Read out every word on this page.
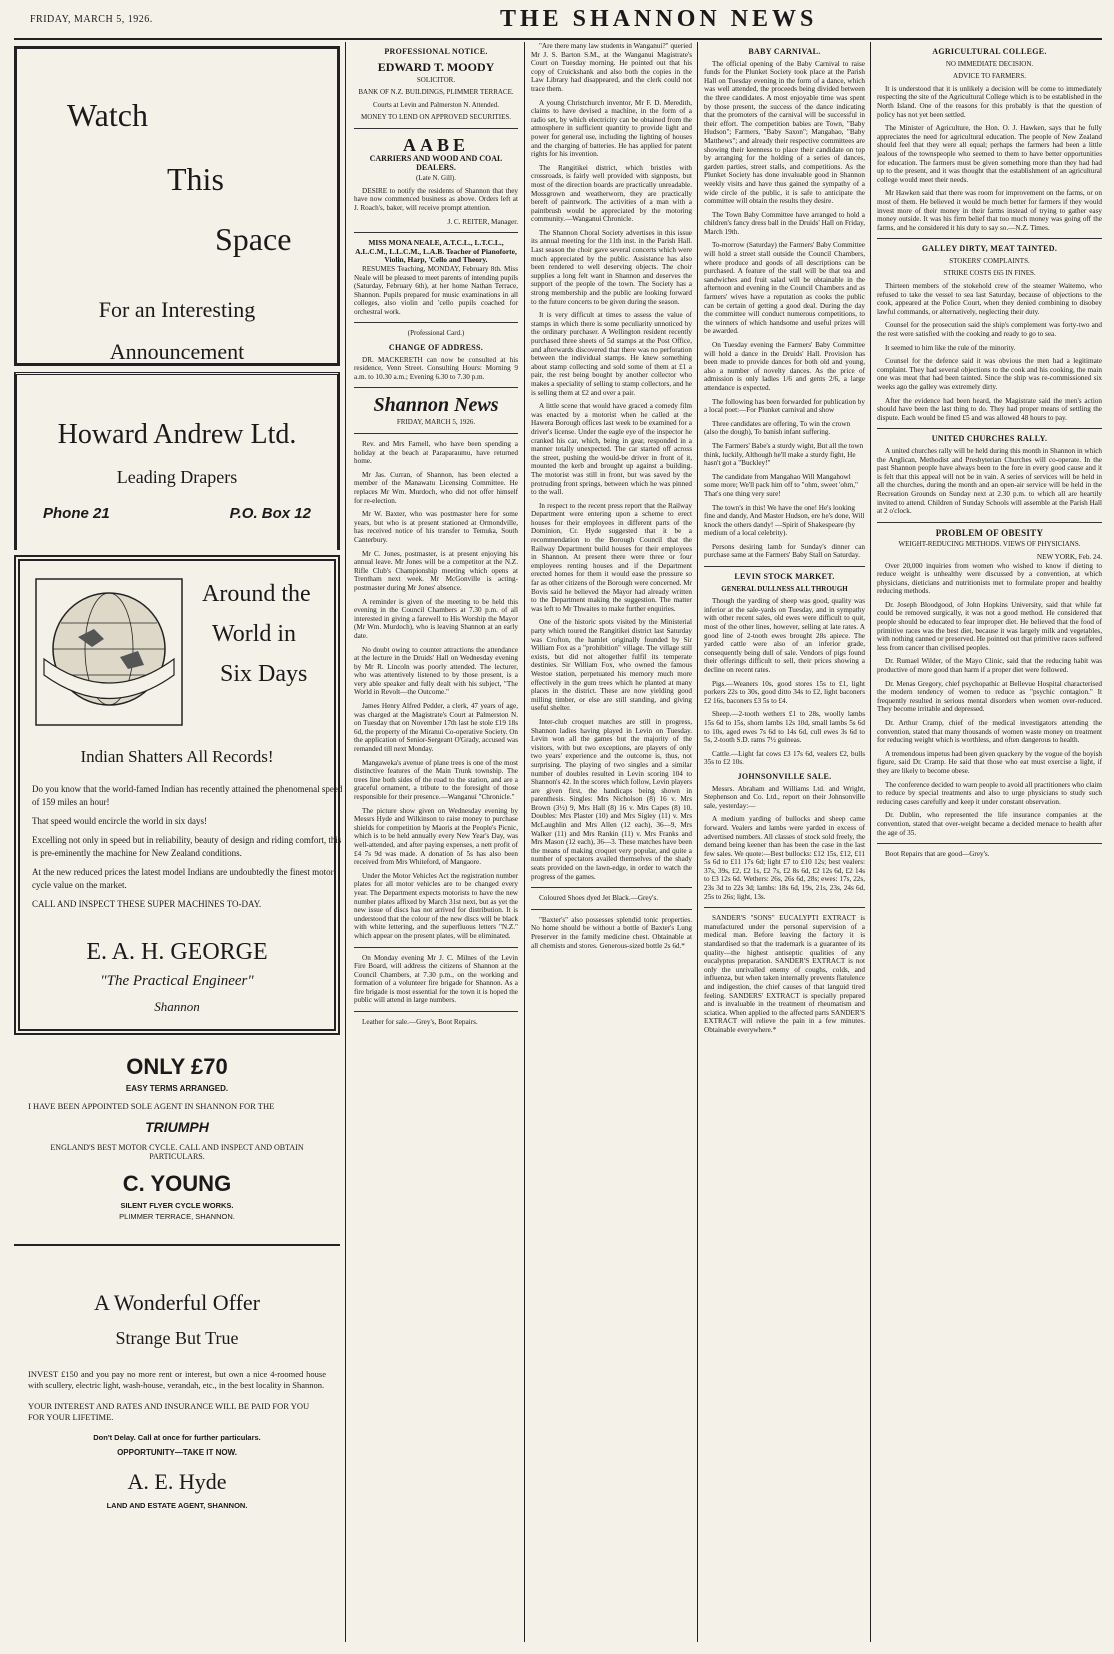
FRIDAY, MARCH 5, 1926.	THE SHANNON NEWS
Watch
This
Space
For an Interesting
Announcement
Howard Andrew Ltd.
Leading Drapers
Phone 21	P.O. Box 12
Around the
World in
Six Days
Indian Shatters All Records!
Do you know that the world-famed Indian has recently attained the phenomenal speed of 159 miles an hour!
That speed would encircle the world in six days!
Excelling not only in speed but in reliability, beauty of design and riding comfort, this is pre-eminently the machine for New Zealand conditions.
At the new reduced prices the latest model Indians are undoubtedly the finest motor cycle value on the market.
CALL AND INSPECT THESE SUPER MACHINES TO-DAY.
E. A. H. GEORGE
"The Practical Engineer"
Shannon
ONLY £70
EASY TERMS ARRANGED.
I HAVE BEEN APPOINTED SOLE AGENT IN SHANNON FOR THE
TRIUMPH
ENGLAND'S BEST MOTOR CYCLE. CALL AND INSPECT AND OBTAIN PARTICULARS.
C. YOUNG
SILENT FLYER CYCLE WORKS.
PLIMMER TERRACE, SHANNON.
A Wonderful Offer
Strange But True
INVEST £150 and you pay no more rent or interest, but own a nice 4-roomed house with scullery, electric light, wash-house, verandah, etc., in the best locality in Shannon.
YOUR INTEREST AND RATES AND INSURANCE WILL BE PAID FOR YOU FOR YOUR LIFETIME.
Don't Delay. Call at once for further particulars.
OPPORTUNITY—TAKE IT NOW.
A. E. Hyde
LAND AND ESTATE AGENT, SHANNON.
PROFESSIONAL NOTICE.
EDWARD T. MOODY
SOLICITOR.
BANK OF N.Z. BUILDINGS, PLIMMER TERRACE.
Courts at Levin and Palmerston N. Attended.
MONEY TO LEND ON APPROVED SECURITIES.
AABE
CARRIERS AND WOOD AND COAL DEALERS.
(Late N. Gill).

DESIRE to notify the residents of Shannon that they have now commenced business as above. Orders left at J. Roach's, baker, will receive prompt attention.

J. C. REITER, Manager.
MISS MONA NEALE, A.T.C.L., L.T.C.L., A.L.C.M., L.L.C.M., L.A.B. Teacher of Pianoforte, Violin, Harp, 'Cello and Theory.

RESUMES Teaching, MONDAY, February 8th. Miss Neale will be pleased to meet parents of intending pupils (Saturday, February 6th), at her home Nathan Terrace, Shannon. Pupils prepared for music examinations in all colleges, also violin and 'cello pupils coached for orchestral work.

(Professional Card.)
CHANGE OF ADDRESS.

DR. MACKERETH can now be consulted at his residence, Venn Street. Consulting Hours: Morning 9 a.m. to 10.30 a.m.; Evening 6.30 to 7.30 p.m.

Shannon News
FRIDAY, MARCH 5, 1926.

Rev. and Mrs Farnell, who have been spending a holiday at the beach at Paraparaumu, have returned home.

Mr Jas. Curran, of Shannon, has been elected a member of the Manawatu Licensing Committee. He replaces Mr Wm. Murdoch, who did not offer himself for re-election.

Mr W. Baxter, who was postmaster here for some years, but who is at present stationed at Ormondville, has received notice of his transfer to Temuka, South Canterbury.

Mr C. Jones, postmaster, is at present enjoying his annual leave. Mr Jones will be a competitor at the N.Z. Rifle Club's Championship meeting which opens at Trentham next week. Mr McGonville is acting-postmaster during Mr Jones' absence.

A reminder is given of the meeting to be held this evening in the Council Chambers at 7.30 p.m. of all interested in giving a farewell to His Worship the Mayor (Mr Wm. Murdoch), who is leaving Shannon at an early date.

No doubt owing to counter attractions the attendance at the lecture in the Druids' Hall on Wednesday evening by Mr R. Lincoln was poorly attended. The lecturer, who was attentively listened to by those present, is a very able speaker and fully dealt with his subject, "The World in Revolt—the Outcome."

James Henry Alfred Pedder, a clerk, 47 years of age, was charged at the Magistrate's Court at Palmerston N. on Tuesday that on November 17th last he stole £19 18s 6d, the property of the Miranui Co-operative Society. On the application of Senior-Sergeant O'Grady, accused was remanded till next Monday.

Mangaweka's avenue of plane trees is one of the most distinctive features of the Main Trunk township. The trees line both sides of the road to the station, and are a graceful ornament, a tribute to the foresight of those responsible for their presence.—Wanganui "Chronicle."

The picture show given on Wednesday evening by Messrs Hyde and Wilkinson to raise money to purchase shields for competition by Maoris at the People's Picnic, which is to be held annually every New Year's Day, was well-attended, and after paying expenses, a nett profit of £4 7s 9d was made. A donation of 5s has also been received from Mrs Whiteford, of Mangaore.

Under the Motor Vehicles Act the registration number plates for all motor vehicles are to be changed every year. The Department expects motorists to have the new number plates affixed by March 31st next, but as yet the new issue of discs has not arrived for distribution. It is understood that the colour of the new discs will be black with white lettering, and the superfluous letters "N.Z." which appear on the present plates, will be eliminated.

On Monday evening Mr J. C. Milnes of the Levin Fire Board, will address the citizens of Shannon at the Council Chambers, at 7.30 p.m., on the working and formation of a volunteer fire brigade for Shannon. As a fire brigade is most essential for the town it is hoped the public will attend in large numbers.

Leather for sale.—Grey's, Boot Repairs.

"Are there many law students in Wanganui?" queried Mr J. S. Barton S.M., at the Wanganui Magistrate's Court on Tuesday morning. He pointed out that his copy of Cruickshank and also both the copies in the Law Library had disappeared, and the clerk could not trace them.

A young Christchurch inventor, Mr F. D. Meredith, claims to have devised a machine, in the form of a radio set, by which electricity can be obtained from the atmosphere in sufficient quantity to provide light and power for general use, including the lighting of houses and the charging of batteries. He has applied for patent rights for his invention.

The Rangitikei district, which bristles with crossroads, is fairly well provided with signposts, but most of the direction boards are practically unreadable. Mossgrown and weatherworn, they are practically bereft of paintwork. The activities of a man with a paintbrush would be appreciated by the motoring community.—Wanganui Chronicle.

The Shannon Choral Society advertises in this issue its annual meeting for the 11th inst. in the Parish Hall. Last season the choir gave several concerts which were much appreciated by the public. Assistance has also been rendered to well deserving objects. The choir supplies a long felt want in Shannon and deserves the support of the people of the town. The Society has a strong membership and the public are looking forward to the future concerts to be given during the season.

It is very difficult at times to assess the value of stamps in which there is some peculiarity unnoticed by the ordinary purchaser. A Wellington resident recently purchased three sheets of 5d stamps at the Post Office, and afterwards discovered that there was no perforation between the individual stamps. He knew something about stamp collecting and sold some of them at £1 a pair, the rest being bought by another collector who makes a speciality of selling to stamp collectors, and he is selling them at £2 and over a pair.

A little scene that would have graced a comedy film was enacted by a motorist when he called at the Hawera Borough offices last week to be examined for a driver's license. Under the eagle eye of the inspector he cranked his car, which, being in gear, responded in a manner totally unexpected. The car started off across the street, pushing the would-be driver in front of it, mounted the kerb and brought up against a building. The motorist was still in front, but was saved by the protruding front springs, between which he was pinned to the wall.

In respect to the recent press report that the Railway Department were entering upon a scheme to erect houses for their employees in different parts of the Dominion, Cr. Hyde suggested that it be a recommendation to the Borough Council that the Railway Department build houses for their employees in Shannon. At present there were three or four employees renting houses and if the Department erected homes for them it would ease the pressure so far as other citizens of the Borough were concerned. Mr Bovis said he believed the Mayor had already written to the Department making the suggestion. The matter was left to Mr Thwaites to make further enquiries.

One of the historic spots visited by the Ministerial party which toured the Rangitikei district last Saturday was Crofton, the hamlet originally founded by Sir William Fox as a "prohibition" village. The village still exists, but did not altogether fulfil its temperate destinies. Sir William Fox, who owned the famous Westoe station, perpetuated his memory much more effectively in the gum trees which he planted at many places in the district. These are now yielding good milling timber, or else are still standing, and giving useful shelter.

Inter-club croquet matches are still in progress, Shannon ladies having played in Levin on Tuesday. Levin won all the games but the majority of the visitors, with but two exceptions, are players of only two years' experience and the outcome is, thus, not surprising. The playing of two singles and a similar number of doubles resulted in Levin scoring 104 to Shannon's 42. In the scores which follow, Levin players are given first, the handicaps being shown in parenthesis. Singles: Mrs Nicholson (8) 16 v. Mrs Brown (3½) 9, Mrs Hall (8) 16 v. Mrs Capes (8) 10. Doubles: Mrs Plaster (10) and Mrs Sigley (11) v. Mrs McLaughlin and Mrs Allen (12 each), 36—9, Mrs Walker (11) and Mrs Rankin (11) v. Mrs Franks and Mrs Mason (12 each), 36—3. These matches have been the means of making croquet very popular, and quite a number of spectators availed themselves of the shady seats provided on the lawn-edge, in order to watch the progress of the games.

Coloured Shoes dyed Jet Black.—Grey's.

"Baxter's" also possesses splendid tonic properties. No home should be without a bottle of Baxter's Lung Preserver in the family medicine chest. Obtainable at all chemists and stores. Generous-sized bottle 2s 6d.*

BABY CARNIVAL.

The official opening of the Baby Carnival to raise funds for the Plunket Society took place at the Parish Hall on Tuesday evening in the form of a dance, which was well attended, the proceeds being divided between the three candidates. A most enjoyable time was spent by those present, the success of the dance indicating that the promoters of the carnival will be successful in their effort. The competition babies are Town, "Baby Hudson"; Farmers, "Baby Saxon"; Mangahao, "Baby Matthews"; and already their respective committees are showing their keenness to place their candidate on top by arranging for the holding of a series of dances, garden parties, street stalls, and competitions. As the Plunket Society has done invaluable good in Shannon weekly visits and have thus gained the sympathy of a wide circle of the public, it is safe to anticipate the committee will obtain the results they desire.

The Town Baby Committee have arranged to hold a children's fancy dress ball in the Druids' Hall on Friday, March 19th.

To-morrow (Saturday) the Farmers' Baby Committee will hold a street stall outside the Council Chambers, where produce and goods of all descriptions can be purchased. A feature of the stall will be that tea and sandwiches and fruit salad will be obtainable in the afternoon and evening in the Council Chambers and as farmers' wives have a reputation as cooks the public can be certain of getting a good deal. During the day the committee will conduct numerous competitions, to the winners of which handsome and useful prizes will be awarded.

On Tuesday evening the Farmers' Baby Committee will hold a dance in the Druids' Hall. Provision has been made to provide dances for both old and young, also a number of novelty dances. As the price of admission is only ladies 1/6 and gents 2/6, a large attendance is expected.

The following has been forwarded for publication by a local poet:—For Plunket carnival and show

Three candidates are offering, To win the crown (also the dough), To banish infant suffering.

The Farmers' Babe's a sturdy wight, But all the town think, luckily, Although he'll make a sturdy fight, He hasn't got a "Buckley!"

The candidate from Mangahao Will Mangahowl some more; We'll pack him off to "ohm, sweet 'ohm," That's one thing very sure!

The town's in this! We have the one! He's looking fine and dandy, And Master Hudson, ere he's done, Will knock the others dandy! —Spirit of Shakespeare (by medium of a local celebrity).

Persons desiring lamb for Sunday's dinner can purchase same at the Farmers' Baby Stall on Saturday.

LEVIN STOCK MARKET.
GENERAL DULLNESS ALL THROUGH

Though the yarding of sheep was good, quality was inferior at the sale-yards on Tuesday, and in sympathy with other recent sales, old ewes were difficult to quit, most of the other lines, however, selling at late rates. A good line of 2-tooth ewes brought 28s apiece. The yarded cattle were also of an inferior grade, consequently being dull of sale. Vendors of pigs found their offerings difficult to sell, their prices showing a decline on recent rates.

Pigs.—Weaners 10s, good stores 15s to £1, light porkers 22s to 30s, good ditto 34s to £2, light baconers £2 16s, baconers £3 5s to £4.

Sheep.—2-tooth wethers £1 to 28s, woolly lambs 15s 6d to 15s, shorn lambs 12s 10d, small lambs 5s 6d to 10s, aged ewes 7s 6d to 14s 6d, cull ewes 3s 6d to 5s, 2-tooth S.D. rams 7½ guineas.

Cattle.—Light fat cows £3 17s 6d, vealers £2, bulls 35s to £2 10s.

JOHNSONVILLE SALE.

Messrs. Abraham and Williams Ltd. and Wright, Stephenson and Co. Ltd., report on their Johnsonville sale, yesterday:—

A medium yarding of bullocks and sheep came forward. Vealers and lambs were yarded in excess of advertised numbers. All classes of stock sold freely, the demand being keener than has been the case in the last few sales. We quote:—Best bullocks: £12 15s, £12, £11 5s 6d to £11 17s 6d; light £7 to £10 12s; best vealers: 37s, 39s, £2, £2 1s, £2 7s, £2 8s 6d, £2 12s 6d, £2 14s to £3 12s 6d. Wethers: 26s, 26s 6d, 28s; ewes: 17s, 22s, 23s 3d to 22s 3d; lambs: 18s 6d, 19s, 21s, 23s, 24s 6d, 25s to 26s; light, 13s.

SANDER'S "SONS" EUCALYPTI EXTRACT is manufactured under the personal supervision of a medical man. Before leaving the factory it is standardised so that the trademark is a guarantee of its quality—the highest antiseptic qualities of any eucalyptus preparation. SANDER'S EXTRACT is not only the unrivalled enemy of coughs, colds, and influenza, but when taken internally prevents flatulence and indigestion, the chief causes of that languid tired feeling. SANDERS' EXTRACT is specially prepared and is invaluable in the treatment of rheumatism and sciatica. When applied to the affected parts SANDER'S EXTRACT will relieve the pain in a few minutes. Obtainable everywhere.*

AGRICULTURAL COLLEGE.
NO IMMEDIATE DECISION.
ADVICE TO FARMERS.

It is understood that it is unlikely a decision will be come to immediately respecting the site of the Agricultural College which is to be established in the North Island. One of the reasons for this probably is that the question of policy has not yet been settled.

The Minister of Agriculture, the Hon. O. J. Hawken, says that he fully appreciates the need for agricultural education. The people of New Zealand should feel that they were all equal; perhaps the farmers had been a little jealous of the townspeople who seemed to them to have better opportunities for education. The farmers must be given something more than they had had up to the present, and it was thought that the establishment of an agricultural college would meet their needs.

Mr Hawken said that there was room for improvement on the farms, or on most of them. He believed it would be much better for farmers if they would invest more of their money in their farms instead of trying to gather easy money outside. It was his firm belief that too much money was going off the farms, and he considered it his duty to say so.—N.Z. Times.

GALLEY DIRTY, MEAT TAINTED.
STOKERS' COMPLAINTS.
STRIKE COSTS £65 IN FINES.

Thirteen members of the stokehold crew of the steamer Waitemo, who refused to take the vessel to sea last Saturday, because of objections to the cook, appeared at the Police Court, when they denied combining to disobey lawful commands, or alternatively, neglecting their duty.

Counsel for the prosecution said the ship's complement was forty-two and the rest were satisfied with the cooking and ready to go to sea.

It seemed to him like the rule of the minority.

Counsel for the defence said it was obvious the men had a legitimate complaint. They had several objections to the cook and his cooking, the main one was meat that had been tainted. Since the ship was re-commissioned six weeks ago the galley was extremely dirty.

After the evidence had been heard, the Magistrate said the men's action should have been the last thing to do. They had proper means of settling the dispute. Each would be fined £5 and was allowed 48 hours to pay.

UNITED CHURCHES RALLY.

A united churches rally will be held during this month in Shannon in which the Anglican, Methodist and Presbyterian Churches will co-operate. In the past Shannon people have always been to the fore in every good cause and it is felt that this appeal will not be in vain. A series of services will be held in all the churches, during the month and an open-air service will be held in the Recreation Grounds on Sunday next at 2.30 p.m. to which all are heartily invited to attend. Children of Sunday Schools will assemble at the Parish Hall at 2 o'clock.

PROBLEM OF OBESITY
WEIGHT-REDUCING METHODS. VIEWS OF PHYSICIANS.
NEW YORK, Feb. 24.

Over 20,000 inquiries from women who wished to know if dieting to reduce weight is unhealthy were discussed by a convention, at which physicians, dieticians and nutritionists met to formulate proper and healthy reducing methods.

Dr. Joseph Bloodgood, of John Hopkins University, said that while fat could be removed surgically, it was not a good method. He considered that people should be educated to fear improper diet. He believed that the food of primitive races was the best diet, because it was largely milk and vegetables, with nothing canned or preserved. He pointed out that primitive races suffered less from cancer than civilised peoples.

Dr. Rumael Wilder, of the Mayo Clinic, said that the reducing habit was productive of more good than harm if a proper diet were followed.

Dr. Menas Gregory, chief psychopathic at Bellevue Hospital characterised the modern tendency of women to reduce as "psychic contagion." It frequently resulted in serious mental disorders when women over-reduced. They become irritable and depressed.

Dr. Arthur Cramp, chief of the medical investigators attending the convention, stated that many thousands of women waste money on treatment for reducing weight which is worthless, and often dangerous to health.

A tremendous impetus had been given quackery by the vogue of the boyish figure, said Dr. Cramp. He said that those who eat must exercise a light, if they are likely to become obese.

The conference decided to warn people to avoid all practitioners who claim to reduce by special treatments and also to urge physicians to study such reducing cases carefully and keep it under constant observation.

Dr. Dublin, who represented the life insurance companies at the convention, stated that over-weight became a decided menace to health after the age of 35.

Boot Repairs that are good—Grey's.
